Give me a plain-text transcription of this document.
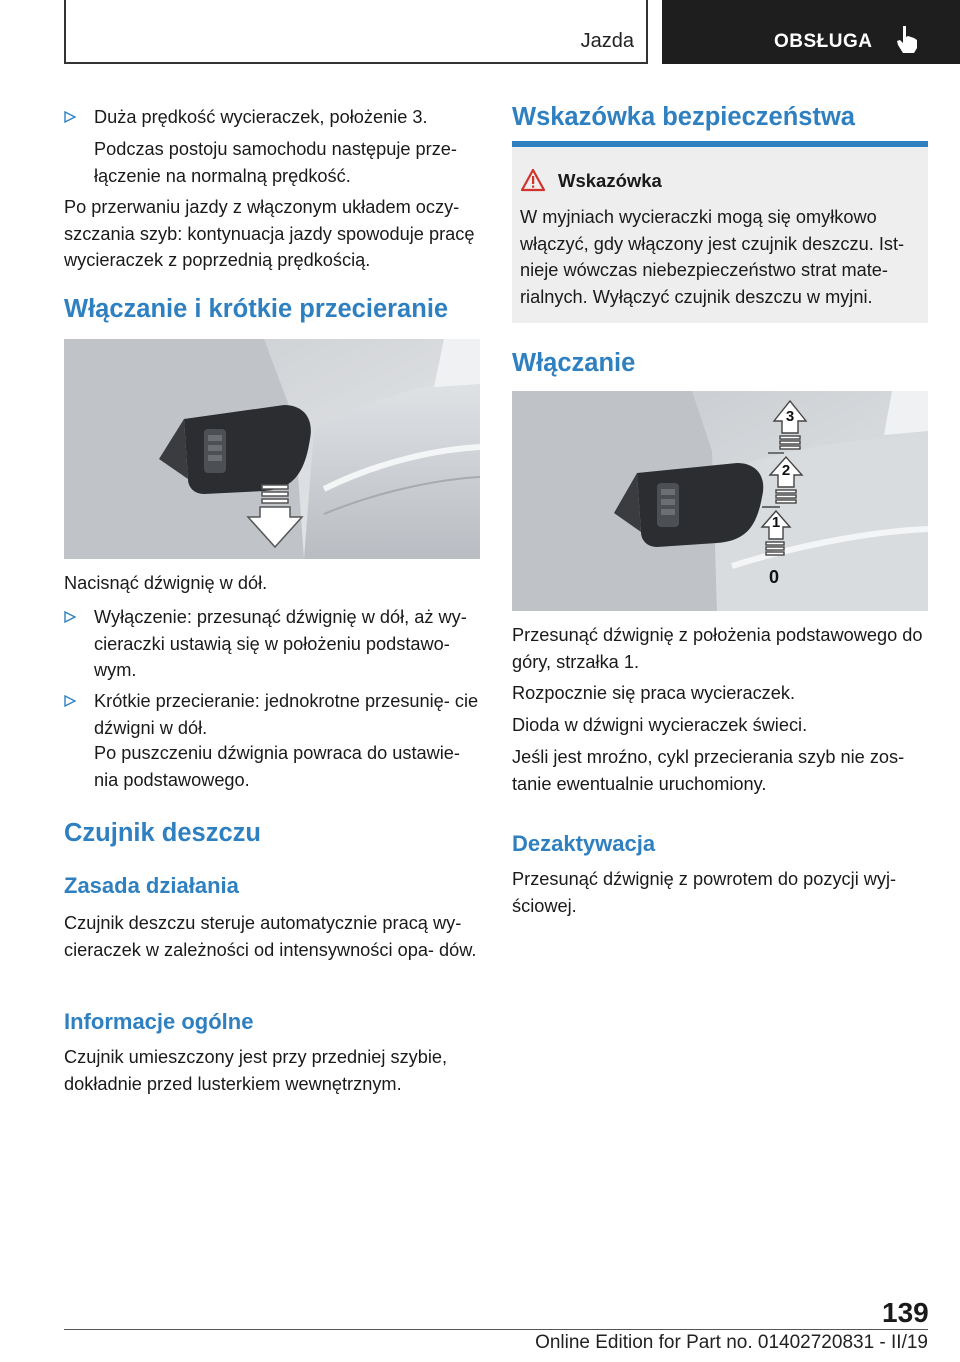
Jazda	OBSŁUGA

Duża prędkość wycieraczek, położenie 3.

Podczas postoju samochodu następuje prze‐ łączenie na normalną prędkość.

Po przerwaniu jazdy z włączonym układem oczy‐ szczania szyb: kontynuacja jazdy spowoduje pracę wycieraczek z poprzednią prędkością.

Włączanie i krótkie przecieranie

Nacisnąć dźwignię w dół.

Wyłączenie: przesunąć dźwignię w dół, aż wy‐ cieraczki ustawią się w położeniu podstawo‐ wym.

Krótkie przecieranie: jednokrotne przesunię‐ cie dźwigni w dół.

Po puszczeniu dźwignia powraca do ustawie‐ nia podstawowego.

Czujnik deszczu
Zasada działania

Czujnik deszczu steruje automatycznie pracą wy‐ cieraczek w zależności od intensywności opa‐ dów.

Informacje ogólne

Czujnik umieszczony jest przy przedniej szybie, dokładnie przed lusterkiem wewnętrznym.

Wskazówka bezpieczeństwa
Wskazówka

W myjniach wycieraczki mogą się omyłkowo włączyć, gdy włączony jest czujnik deszczu. Ist‐ nieje wówczas niebezpieczeństwo strat mate‐ rialnych. Wyłączyć czujnik deszczu w myjni.

Włączanie
3
2
1
0

Przesunąć dźwignię z położenia podstawowego do góry, strzałka 1.

Rozpocznie się praca wycieraczek.

Dioda w dźwigni wycieraczek świeci.

Jeśli jest mroźno, cykl przecierania szyb nie zos‐ tanie ewentualnie uruchomiony.

Dezaktywacja

Przesunąć dźwignię z powrotem do pozycji wyj‐ ściowej.

139
Online Edition for Part no. 01402720831 - II/19
